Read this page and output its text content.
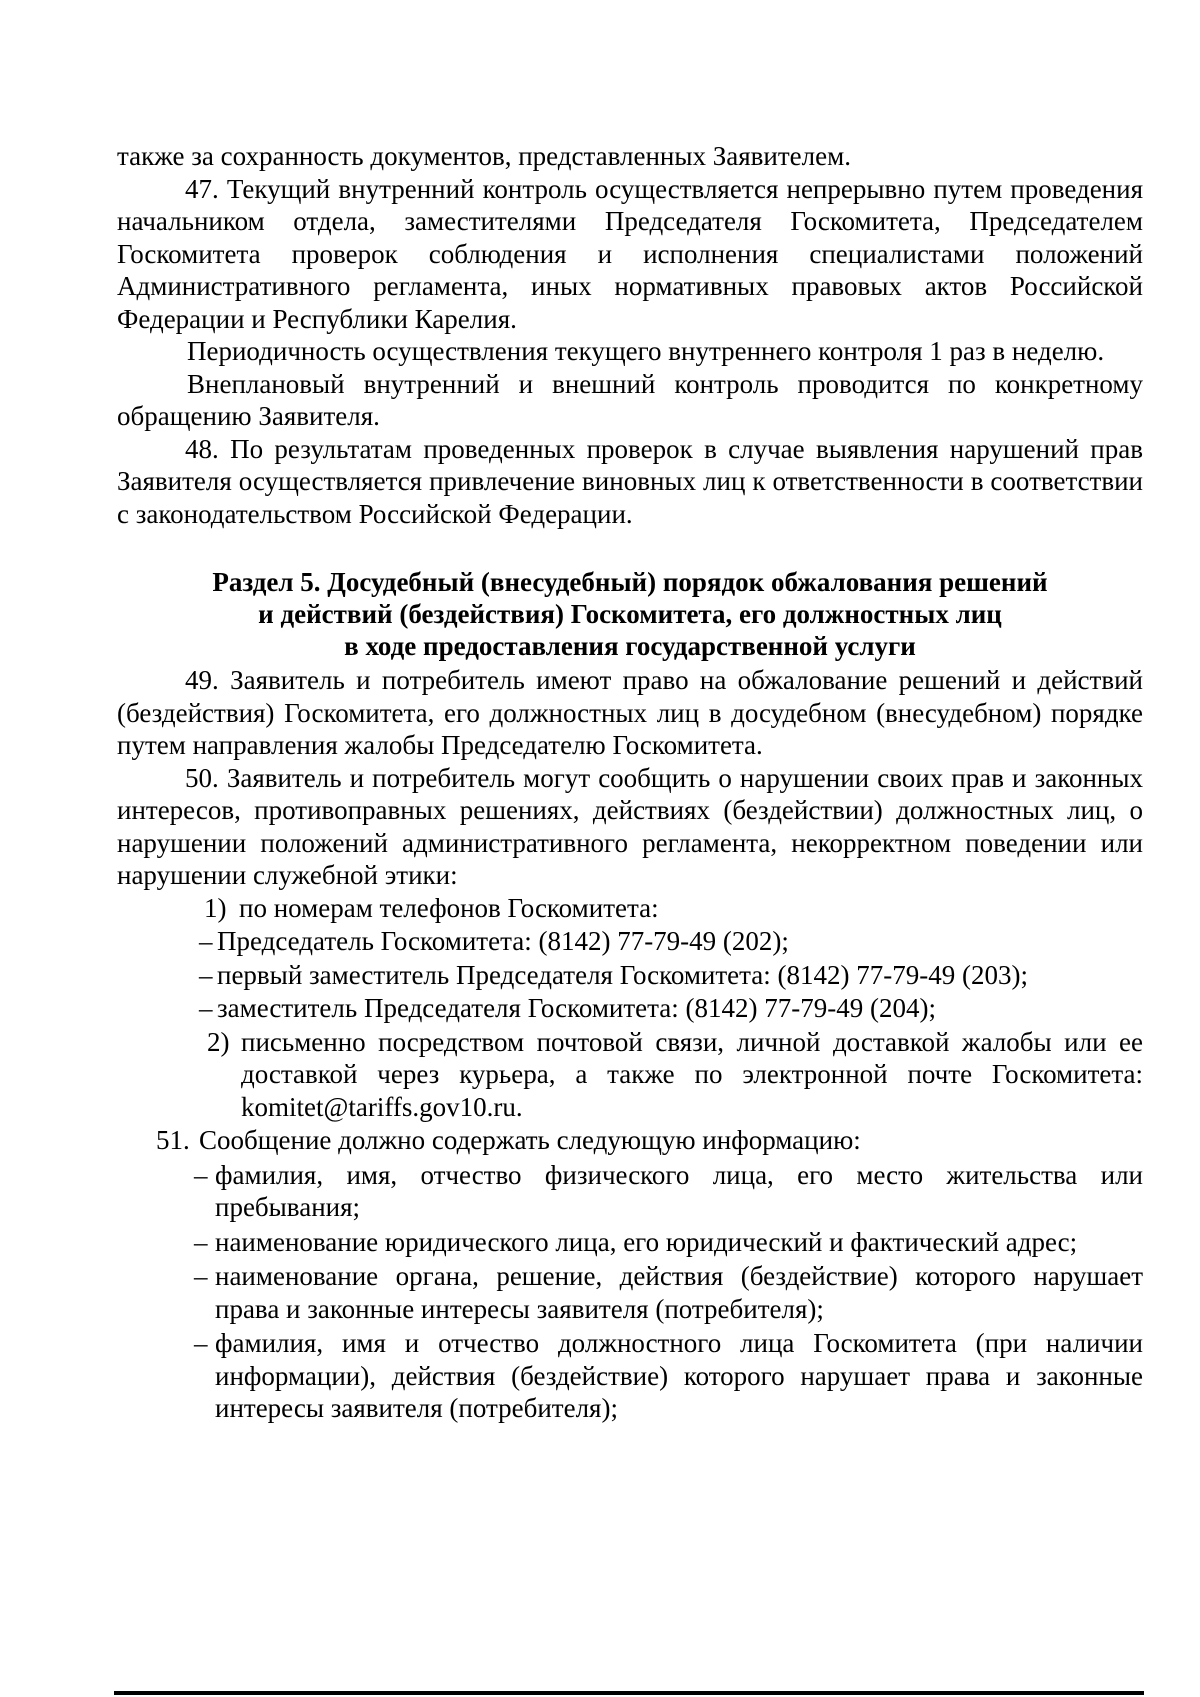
также за сохранность документов, представленных Заявителем.

47. Текущий внутренний контроль осуществляется непрерывно путем проведения начальником отдела, заместителями Председателя Госкомитета, Председателем Госкомитета проверок соблюдения и исполнения специалистами положений Административного регламента, иных нормативных правовых актов Российской Федерации и Республики Карелия.

Периодичность осуществления текущего внутреннего контроля 1 раз в неделю.

Внеплановый внутренний и внешний контроль проводится по конкретному обращению Заявителя.

48. По результатам проведенных проверок в случае выявления нарушений прав Заявителя осуществляется привлечение виновных лиц к ответственности в соответствии с законодательством Российской Федерации.

Раздел 5. Досудебный (внесудебный) порядок обжалования решений
и действий (бездействия) Госкомитета, его должностных лиц
в ходе предоставления государственной услуги

49. Заявитель и потребитель имеют право на обжалование решений и действий (бездействия) Госкомитета, его должностных лиц в досудебном (внесудебном) порядке путем направления жалобы Председателю Госкомитета.

50. Заявитель и потребитель могут сообщить о нарушении своих прав и законных интересов, противоправных решениях, действиях (бездействии) должностных лиц, о нарушении положений административного регламента, некорректном поведении или нарушении служебной этики:

1) по номерам телефонов Госкомитета:
– Председатель Госкомитета: (8142) 77-79-49 (202);
– первый заместитель Председателя Госкомитета: (8142) 77-79-49 (203);
– заместитель Председателя Госкомитета: (8142) 77-79-49 (204);
2) письменно посредством почтовой связи, личной доставкой жалобы или ее доставкой через курьера, а также по электронной почте Госкомитета: komitet@tariffs.gov10.ru.
51. Сообщение должно содержать следующую информацию:
– фамилия, имя, отчество физического лица, его место жительства или пребывания;
– наименование юридического лица, его юридический и фактический адрес;
– наименование органа, решение, действия (бездействие) которого нарушает права и законные интересы заявителя (потребителя);
– фамилия, имя и отчество должностного лица Госкомитета (при наличии информации), действия (бездействие) которого нарушает права и законные интересы заявителя (потребителя);
